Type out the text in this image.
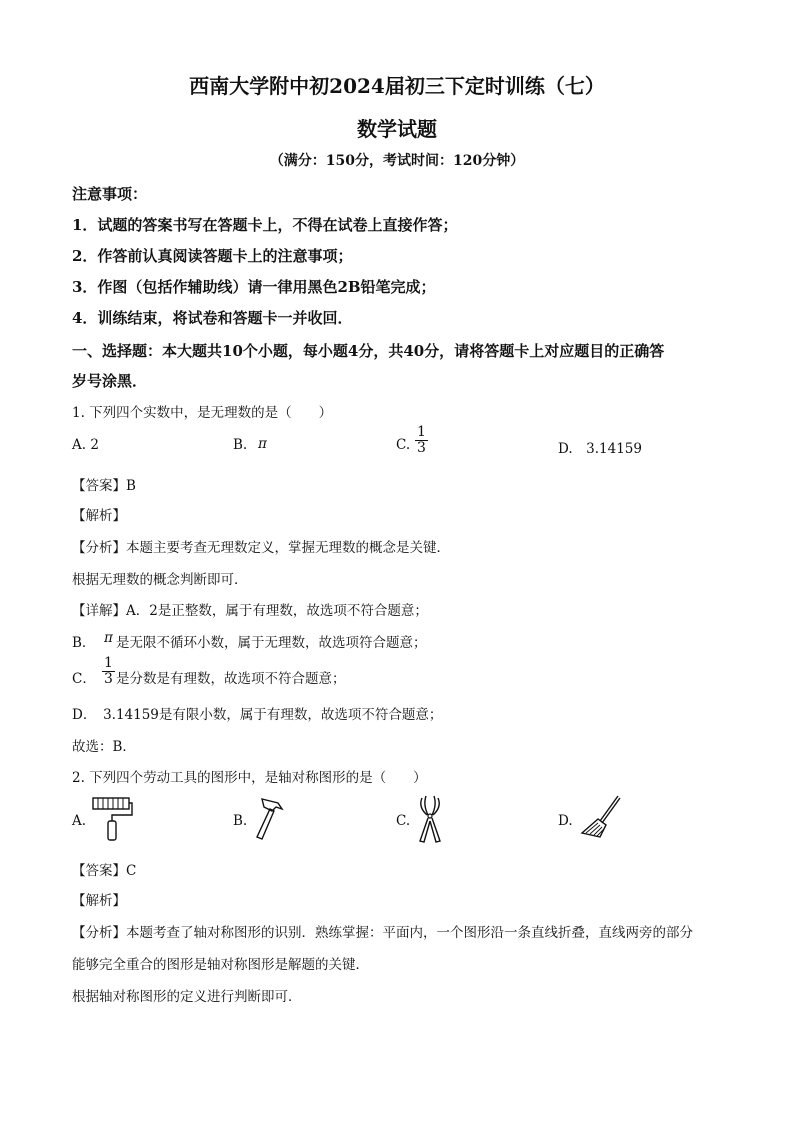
西南大学附中初2024届初三下定时训练（七）
数学试题
（满分：150分，考试时间：120分钟）
注意事项：
1．试题的答案书写在答题卡上，不得在试卷上直接作答；
2．作答前认真阅读答题卡上的注意事项；
3．作图（包括作辅助线）请一律用黑色2B铅笔完成；
4．训练结束，将试卷和答题卡一并收回．
一、选择题：本大题共10个小题，每小题4分，共40分，请将答题卡上对应题目的正确答
岁号涂黑．
1. 下列四个实数中，是无理数的是（　　）
A. 2	B. π	C. $\frac{1}{3}$	D.　3.14159
【答案】B
【解析】
【分析】本题主要考查无理数定义，掌握无理数的概念是关键．
根据无理数的概念判断即可．
【详解】A．2是正整数，属于有理数，故选项不符合题意；
B． π 是无限不循环小数，属于无理数，故选项符合题意；
C． $\frac{1}{3}$ 是分数是有理数，故选项不符合题意；
D．　3.14159是有限小数，属于有理数，故选项不符合题意；
故选：B．
2. 下列四个劳动工具的图形中，是轴对称图形的是（　　）
A.	B.	C.	D.
【答案】C
【解析】
【分析】本题考查了轴对称图形的识别．熟练掌握：平面内，一个图形沿一条直线折叠，直线两旁的部分
能够完全重合的图形是轴对称图形是解题的关键．
根据轴对称图形的定义进行判断即可．
